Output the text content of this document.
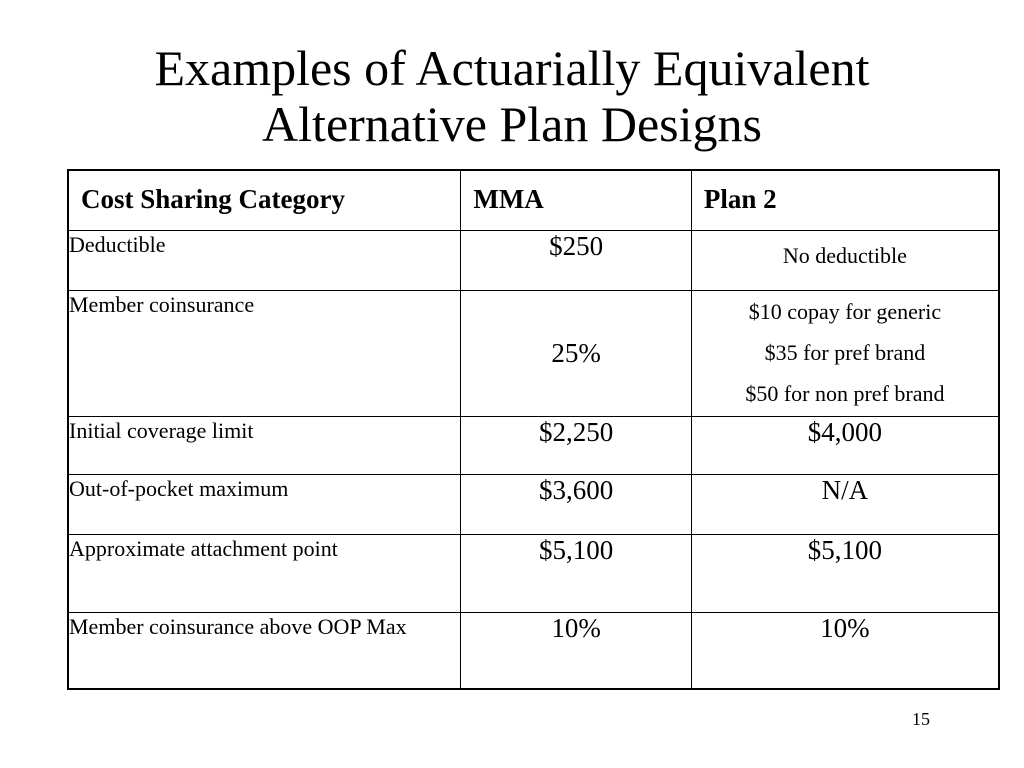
Examples of Actuarially Equivalent
Alternative Plan Designs
Cost Sharing Category	MMA	Plan 2
Deductible	$250	No deductible
Member coinsurance	25%	$10 copay for generic
$35 for pref brand
$50 for non pref brand

Initial coverage limit	$2,250	$4,000
Out-of-pocket maximum	$3,600	N/A
Approximate attachment point	$5,100	$5,100
Member coinsurance above OOP Max	10%	10%
15
